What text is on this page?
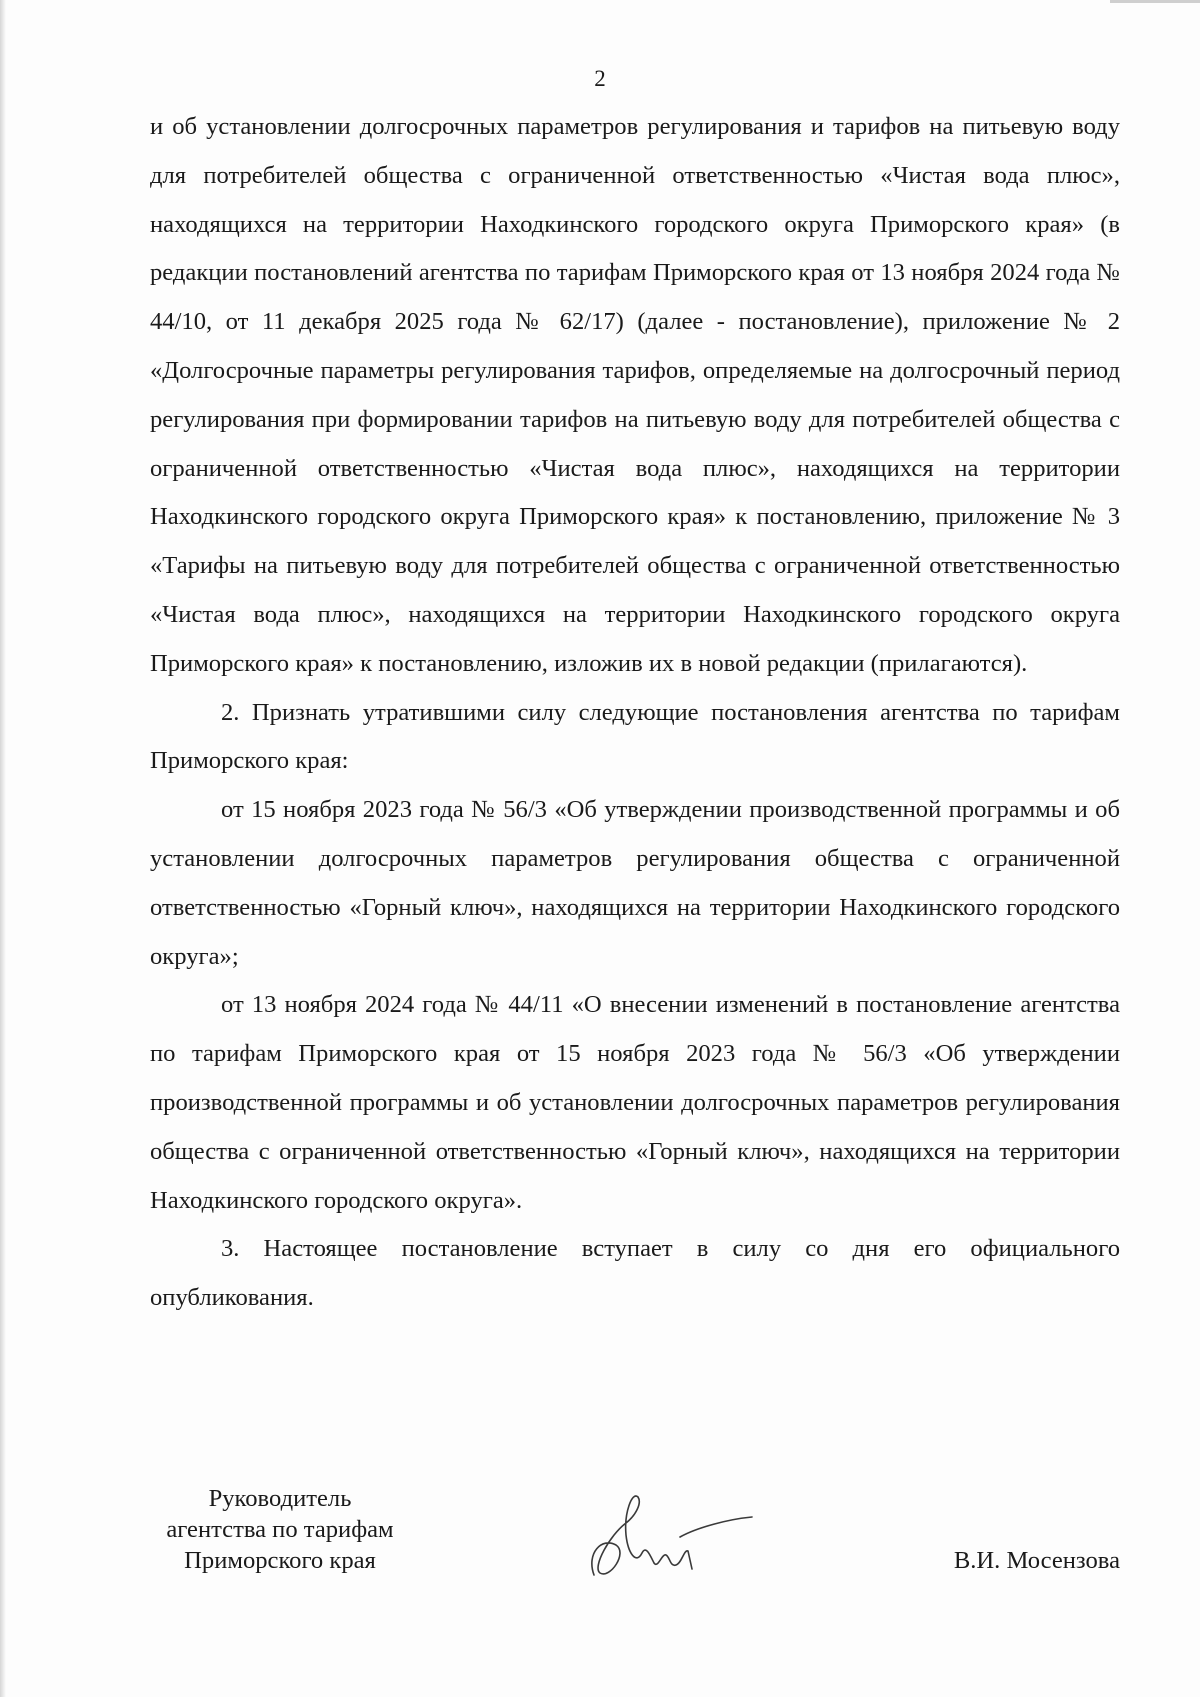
2

и об установлении долгосрочных параметров регулирования и тарифов на питьевую воду для потребителей общества с ограниченной ответственностью «Чистая вода плюс», находящихся на территории Находкинского городского округа Приморского края» (в редакции постановлений агентства по тарифам Приморского края от 13 ноября 2024 года № 44/10, от 11 декабря 2025 года № 62/17) (далее - постановление), приложение № 2 «Долгосрочные параметры регулирования тарифов, определяемые на долгосрочный период регулирования при формировании тарифов на питьевую воду для потребителей общества с ограниченной ответственностью «Чистая вода плюс», находящихся на территории Находкинского городского округа Приморского края» к постановлению, приложение № 3 «Тарифы на питьевую воду для потребителей общества с ограниченной ответственностью «Чистая вода плюс», находящихся на территории Находкинского городского округа Приморского края» к постановлению, изложив их в новой редакции (прилагаются).

2. Признать утратившими силу следующие постановления агентства по тарифам Приморского края:

от 15 ноября 2023 года № 56/3 «Об утверждении производственной программы и об установлении долгосрочных параметров регулирования общества с ограниченной ответственностью «Горный ключ», находящихся на территории Находкинского городского округа»;

от 13 ноября 2024 года № 44/11 «О внесении изменений в постановление агентства по тарифам Приморского края от 15 ноября 2023 года № 56/3 «Об утверждении производственной программы и об установлении долгосрочных параметров регулирования общества с ограниченной ответственностью «Горный ключ», находящихся на территории Находкинского городского округа».

3. Настоящее постановление вступает в силу со дня его официального опубликования.

Руководитель
агентства по тарифам
Приморского края	В.И. Мосензова
